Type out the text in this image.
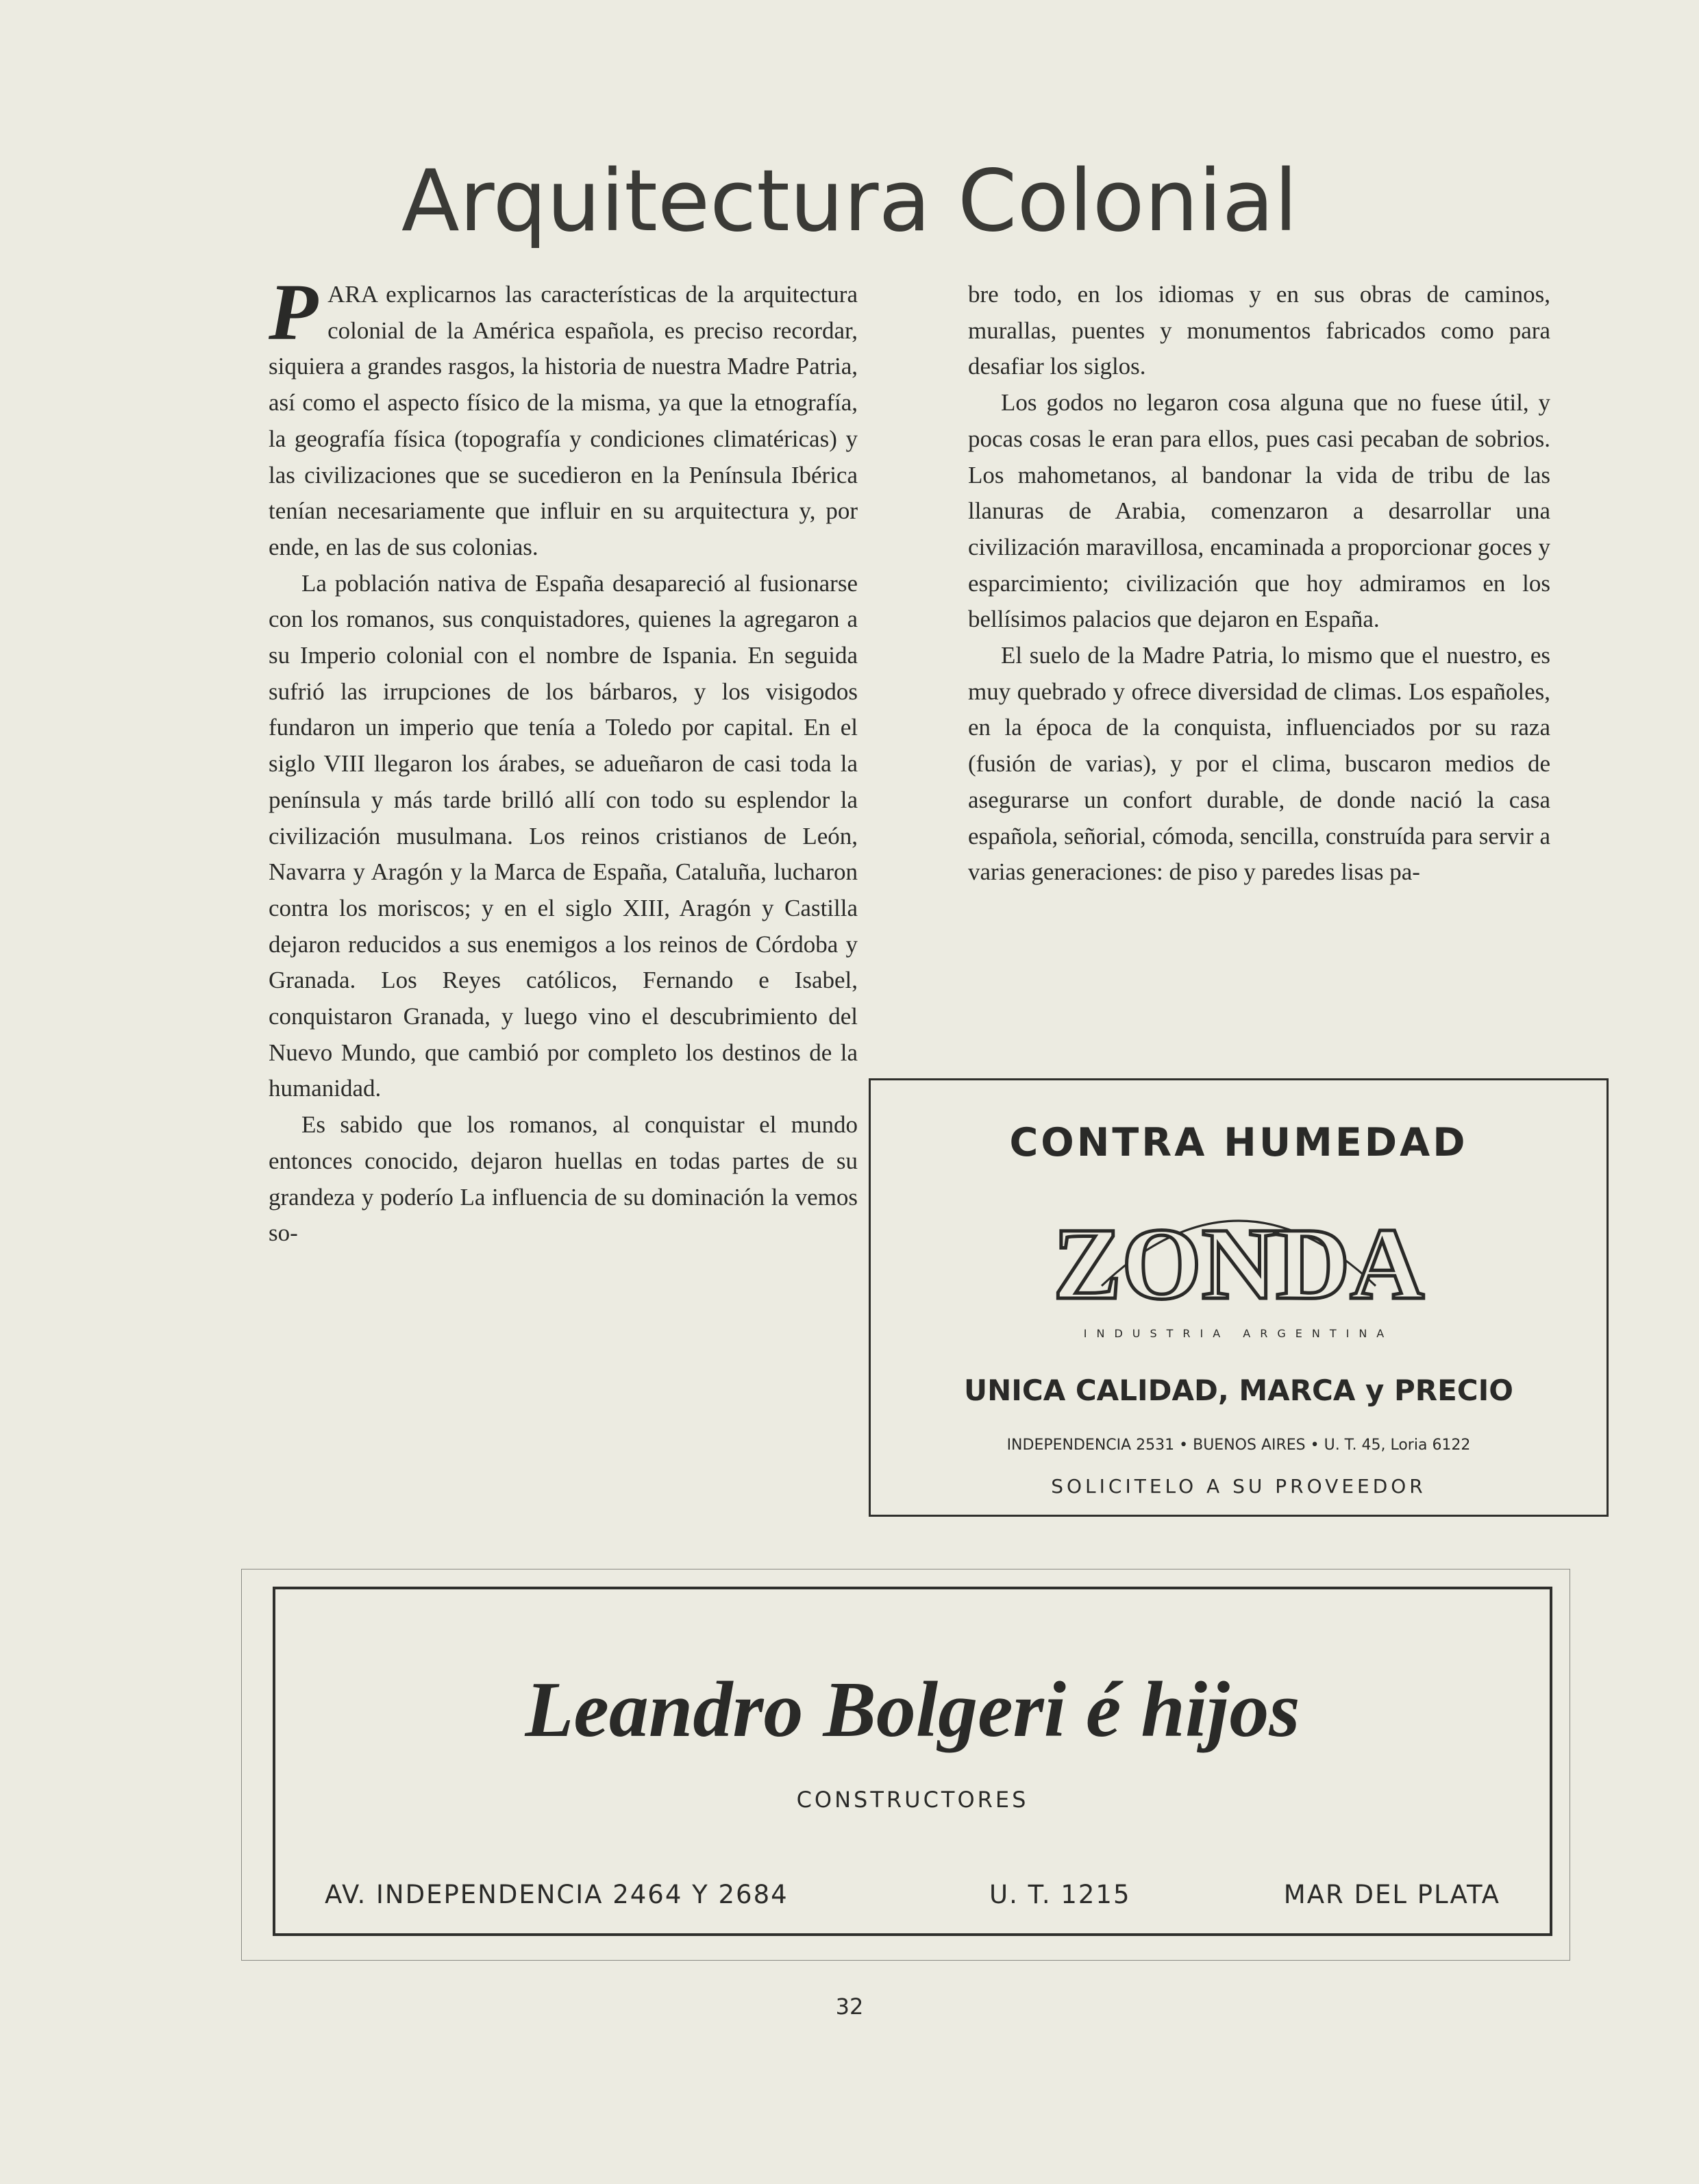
Arquitectura Colonial

PARA explicarnos las características de la arquitectura colonial de la América española, es preciso recordar, siquiera a grandes rasgos, la historia de nuestra Madre Patria, así como el aspecto físico de la misma, ya que la etnografía, la geografía física (topografía y condiciones climatéricas) y las civilizaciones que se sucedieron en la Península Ibérica tenían necesariamente que influir en su arquitectura y, por ende, en las de sus colonias.

La población nativa de España desapareció al fusionarse con los romanos, sus conquistadores, quienes la agregaron a su Imperio colonial con el nombre de Ispania. En seguida sufrió las irrupciones de los bárbaros, y los visigodos fundaron un imperio que tenía a Toledo por capital. En el siglo VIII llegaron los árabes, se adueñaron de casi toda la península y más tarde brilló allí con todo su esplendor la civilización musulmana. Los reinos cristianos de León, Navarra y Aragón y la Marca de España, Cataluña, lucharon contra los moriscos; y en el siglo XIII, Aragón y Castilla dejaron reducidos a sus enemigos a los reinos de Córdoba y Granada. Los Reyes católicos, Fernando e Isabel, conquistaron Granada, y luego vino el descubrimiento del Nuevo Mundo, que cambió por completo los destinos de la humanidad.

Es sabido que los romanos, al conquistar el mundo entonces conocido, dejaron huellas en todas partes de su grandeza y poderío La influencia de su dominación la vemos so-

bre todo, en los idiomas y en sus obras de caminos, murallas, puentes y monumentos fabricados como para desafiar los siglos.

Los godos no legaron cosa alguna que no fuese útil, y pocas cosas le eran para ellos, pues casi pecaban de sobrios. Los mahometanos, al bandonar la vida de tribu de las llanuras de Arabia, comenzaron a desarrollar una civilización maravillosa, encaminada a proporcionar goces y esparcimiento; civilización que hoy admiramos en los bellísimos palacios que dejaron en España.

El suelo de la Madre Patria, lo mismo que el nuestro, es muy quebrado y ofrece diversidad de climas. Los españoles, en la época de la conquista, influenciados por su raza (fusión de varias), y por el clima, buscaron medios de asegurarse un confort durable, de donde nació la casa española, señorial, cómoda, sencilla, construída para servir a varias generaciones: de piso y paredes lisas pa-

CONTRA HUMEDAD
ZONDA
INDUSTRIA ARGENTINA
UNICA CALIDAD, MARCA y PRECIO
INDEPENDENCIA 2531 • BUENOS AIRES • U. T. 45, Loria 6122
SOLICITELO A SU PROVEEDOR
Leandro Bolgeri é hijos
CONSTRUCTORES
AV. INDEPENDENCIA 2464 Y 2684	U. T. 1215	MAR DEL PLATA
32
